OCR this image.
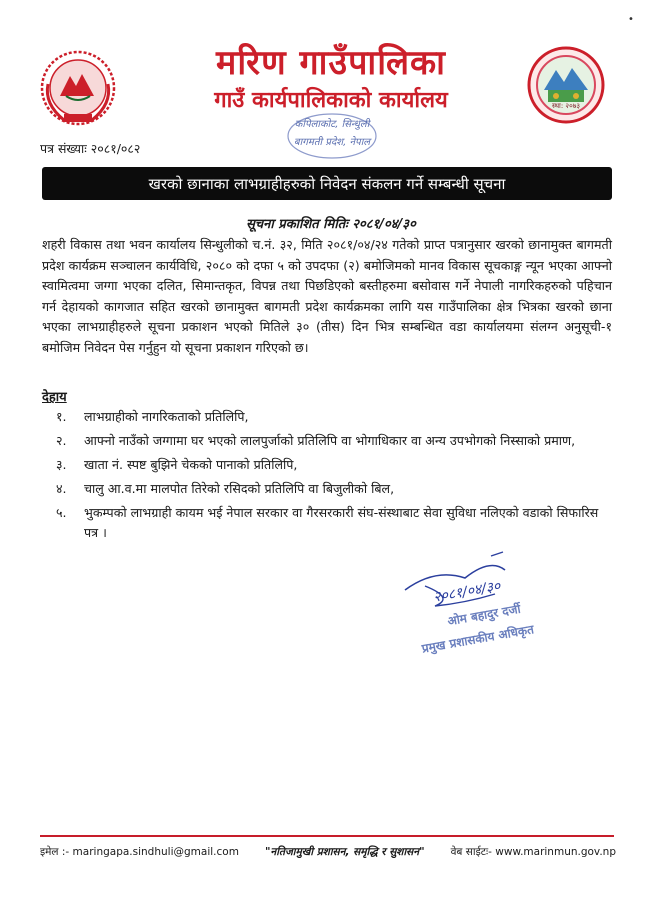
•
मरिण गाउँपालिका
गाउँ कार्यपालिकाको कार्यालय	स्था: २०७३
कपिलाकोट, सिन्धुली
बागमती प्रदेश, नेपाल
पत्र संख्याः २०८१/०८२
खरको छानाका लाभग्राहीहरुको निवेदन संकलन गर्ने सम्बन्धी सूचना
सूचना प्रकाशित मितिः २०८१/०४/३०
शहरी विकास तथा भवन कार्यालय सिन्धुलीको च.नं. ३२, मिति २०८१/०४/२४ गतेको प्राप्त पत्रानुसार खरको छानामुक्त बागमती प्रदेश कार्यक्रम सञ्चालन कार्यविधि, २०८० को दफा ५ को उपदफा (२) बमोजिमको मानव विकास सूचकाङ्ग न्यून भएका आफ्नो स्वामित्वमा जग्गा भएका दलित, सिमान्तकृत, विपन्न तथा पिछडिएको बस्तीहरुमा बसोवास गर्ने नेपाली नागरिकहरुको पहिचान गर्न देहायको कागजात सहित खरको छानामुक्त बागमती प्रदेश कार्यक्रमका लागि यस गाउँपालिका क्षेत्र भित्रका खरको छाना भएका लाभग्राहीहरुले सूचना प्रकाशन भएको मितिले ३० (तीस) दिन भित्र सम्बन्धित वडा कार्यालयमा संलग्न अनुसूची-१ बमोजिम निवेदन पेस गर्नुहुन यो सूचना प्रकाशन गरिएको छ।
देहाय
१.	लाभग्राहीको नागरिकताको प्रतिलिपि,
२.	आफ्नो नाउँको जग्गामा घर भएको लालपुर्जाको प्रतिलिपि वा भोगाधिकार वा अन्य उपभोगको निस्साको प्रमाण,
३.	खाता नं. स्पष्ट बुझिने चेकको पानाको प्रतिलिपि,
४.	चालु आ.व.मा मालपोत तिरेको रसिदको प्रतिलिपि वा बिजुलीको बिल,
५.	भुकम्पको लाभग्राही कायम भई नेपाल सरकार वा गैरसरकारी संघ-संस्थाबाट सेवा सुविधा नलिएको वडाको सिफारिस पत्र ।
२०८१/०४/३०
ओम बहादुर दर्जी
प्रमुख प्रशासकीय अधिकृत
इमेल :- maringapa.sindhuli@gmail.com "नतिजामुखी प्रशासन, समृद्धि र सुशासन" वेब साईटः- www.marinmun.gov.np
